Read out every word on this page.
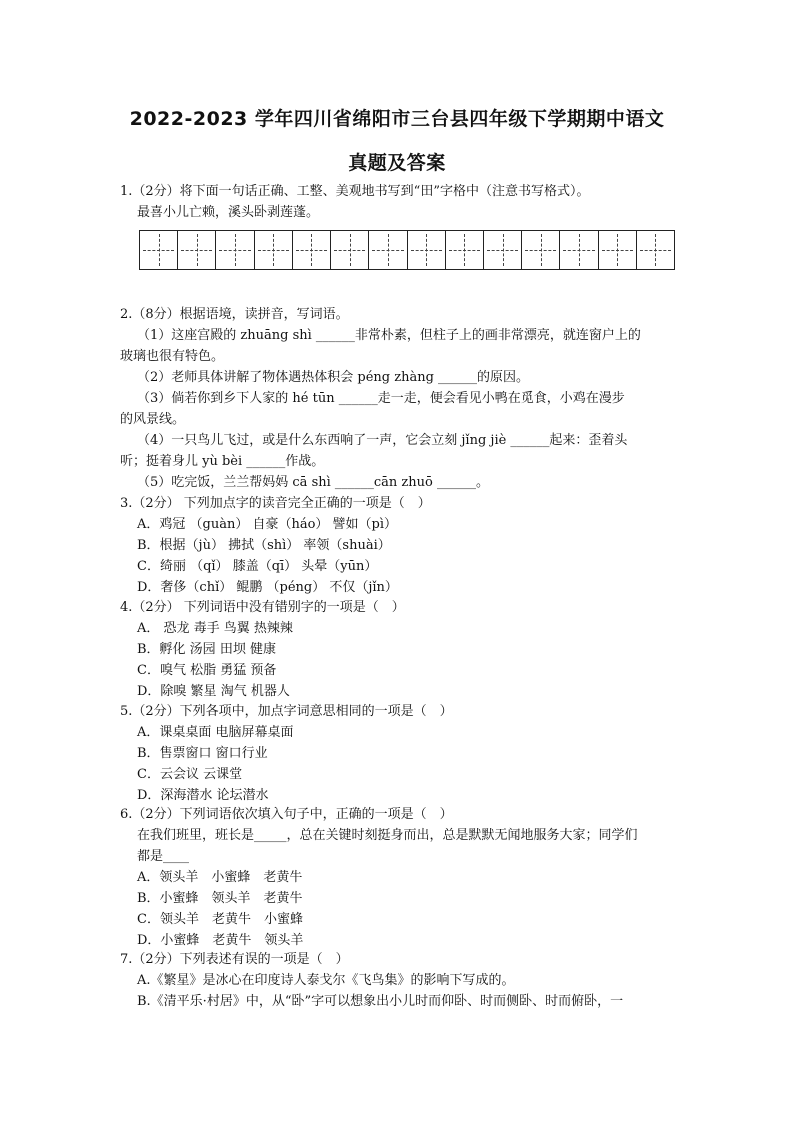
2022-2023 学年四川省绵阳市三台县四年级下学期期中语文
真题及答案
1.（2分）将下面一句话正确、工整、美观地书写到“田”字格中（注意书写格式）。
最喜小儿亡赖，溪头卧剥莲蓬。
2.（8分）根据语境，读拼音，写词语。
（1）这座宫殿的 zhuāng shì ______非常朴素，但柱子上的画非常漂亮，就连窗户上的
玻璃也很有特色。
（2）老师具体讲解了物体遇热体积会 péng zhàng ______的原因。
（3）倘若你到乡下人家的 hé tūn ______走一走，便会看见小鸭在觅食，小鸡在漫步
的风景线。
（4）一只鸟儿飞过，或是什么东西响了一声，它会立刻 jǐng jiè ______起来：歪着头
听；挺着身儿 yù bèi ______作战。
（5）吃完饭，兰兰帮妈妈 cā shì ______cān zhuō ______。
3.（2分） 下列加点字的读音完全正确的一项是（　）
A．鸡冠 （guàn） 自豪（háo） 譬如（pì）
B．根据（jù） 拂拭（shì） 率领（shuài）
C．绮丽 （qǐ） 膝盖（qī） 头晕（yūn）
D．奢侈（chǐ） 鲲鹏 （péng） 不仅（jǐn）
4.（2分） 下列词语中没有错别字的一项是（　）
A． 恐龙 毒手 鸟翼 热辣辣
B．孵化 汤园 田坝 健康
C．嗅气 松脂 勇猛 预备
D．除嗅 繁星 淘气 机器人
5.（2分）下列各项中，加点字词意思相同的一项是（　）
A．课桌桌面 电脑屏幕桌面
B．售票窗口 窗口行业
C．云会议 云课堂
D．深海潜水 论坛潜水
6.（2分）下列词语依次填入句子中，正确的一项是（　）
在我们班里，班长是_____，总在关键时刻挺身而出，总是默默无闻地服务大家；同学们
都是____
A．领头羊　小蜜蜂　老黄牛
B．小蜜蜂　领头羊　老黄牛
C．领头羊　老黄牛　小蜜蜂
D．小蜜蜂　老黄牛　领头羊
7.（2分）下列表述有误的一项是（　）
A.《繁星》是冰心在印度诗人泰戈尔《飞鸟集》的影响下写成的。
B.《清平乐·村居》中，从“卧”字可以想象出小儿时而仰卧、时而侧卧、时而俯卧，一
